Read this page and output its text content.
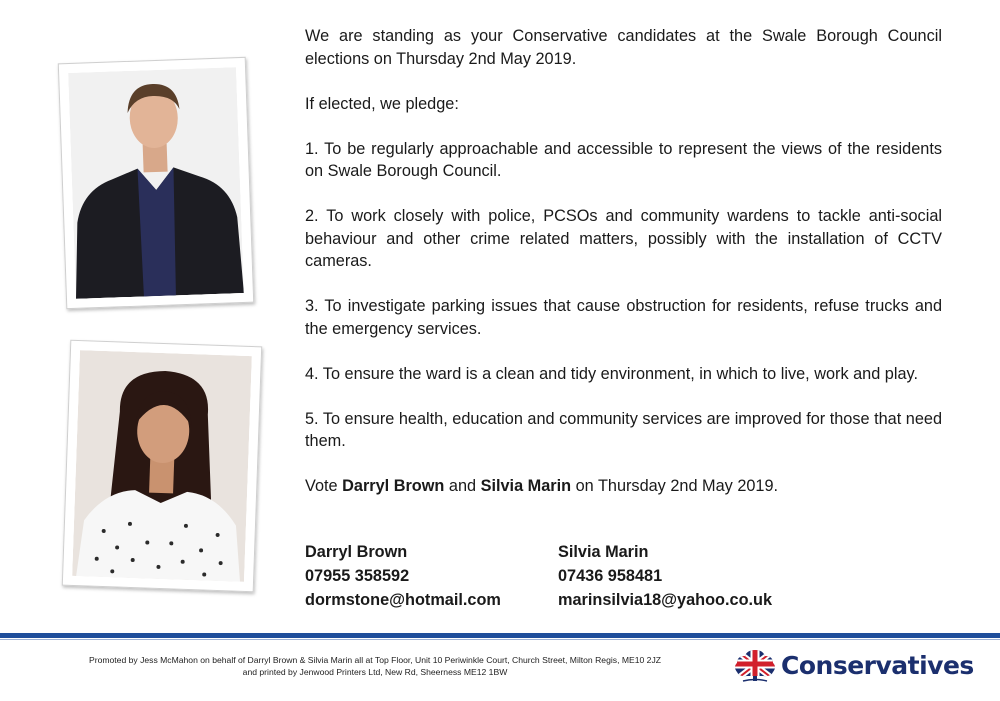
We are standing as your Conservative candidates at the Swale Borough Council elections on Thursday 2nd May 2019.

If elected, we pledge:

1. To be regularly approachable and accessible to represent the views of the residents on Swale Borough Council.

2. To work closely with police, PCSOs and community wardens to tackle anti-social behaviour and other crime related matters, possibly with the installation of CCTV cameras.

3. To investigate parking issues that cause obstruction for residents, refuse trucks and the emergency services.

4. To ensure the ward is a clean and tidy environment, in which to live, work and play.

5. To ensure health, education and community services are improved for those that need them.

Vote Darryl Brown and Silvia Marin on Thursday 2nd May 2019.

Darryl Brown
07955 358592
dormstone@hotmail.com
Silvia Marin
07436 958481
marinsilvia18@yahoo.co.uk
Promoted by Jess McMahon on behalf of Darryl Brown & Silvia Marin all at Top Floor, Unit 10 Periwinkle Court, Church Street, Milton Regis, ME10 2JZ
and printed by Jenwood Printers Ltd, New Rd, Sheerness ME12 1BW	Conservatives
